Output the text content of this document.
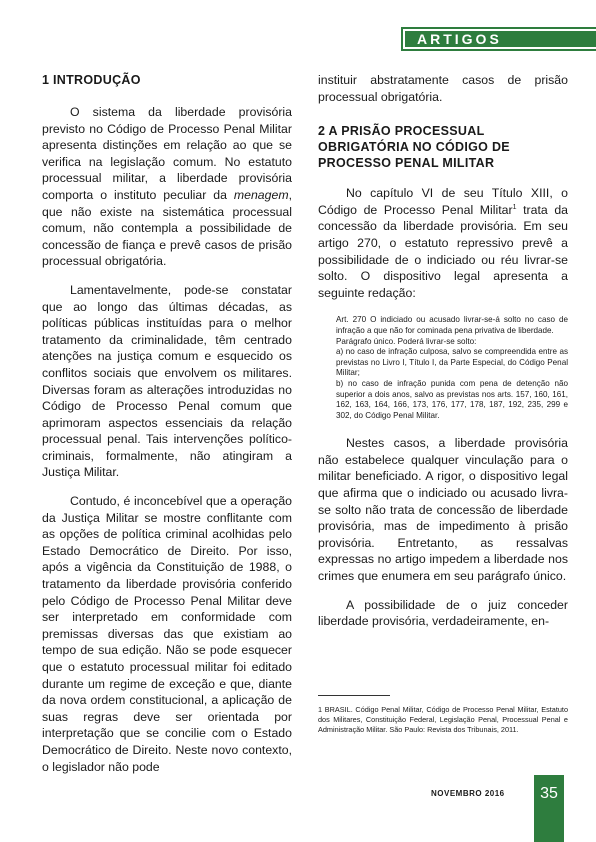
ARTIGOS
1 INTRODUÇÃO

O sistema da liberdade provisória previsto no Código de Processo Penal Militar apresenta distinções em relação ao que se verifica na legislação comum. No estatuto processual militar, a liberdade provisória comporta o instituto peculiar da menagem, que não existe na sistemática processual comum, não contempla a possibilidade de concessão de fiança e prevê casos de prisão processual obrigatória.

Lamentavelmente, pode-se constatar que ao longo das últimas décadas, as políticas públicas instituídas para o melhor tratamento da criminalidade, têm centrado atenções na justiça comum e esquecido os conflitos sociais que envolvem os militares. Diversas foram as alterações introduzidas no Código de Processo Penal comum que aprimoram aspectos essenciais da relação processual penal. Tais intervenções político-criminais, formalmente, não atingiram a Justiça Militar.

Contudo, é inconcebível que a operação da Justiça Militar se mostre conflitante com as opções de política criminal acolhidas pelo Estado Democrático de Direito. Por isso, após a vigência da Constituição de 1988, o tratamento da liberdade provisória conferido pelo Código de Processo Penal Militar deve ser interpretado em conformidade com premissas diversas das que existiam ao tempo de sua edição. Não se pode esquecer que o estatuto processual militar foi editado durante um regime de exceção e que, diante da nova ordem constitucional, a aplicação de suas regras deve ser orientada por interpretação que se concilie com o Estado Democrático de Direito. Neste novo contexto, o legislador não pode

instituir abstratamente casos de prisão processual obrigatória.

2 A PRISÃO PROCESSUAL OBRIGATÓRIA NO CÓDIGO DE PROCESSO PENAL MILITAR

No capítulo VI de seu Título XIII, o Código de Processo Penal Militar$^1$ trata da concessão da liberdade provisória. Em seu artigo 270, o estatuto repressivo prevê a possibilidade de o indiciado ou réu livrar-se solto. O dispositivo legal apresenta a seguinte redação:

Art. 270 O indiciado ou acusado livrar-se-á solto no caso de infração a que não for cominada pena privativa de liberdade.
Parágrafo único. Poderá livrar-se solto:
a) no caso de infração culposa, salvo se compreendida entre as previstas no Livro I, Título I, da Parte Especial, do Código Penal Militar;
b) no caso de infração punida com pena de detenção não superior a dois anos, salvo as previstas nos arts. 157, 160, 161, 162, 163, 164, 166, 173, 176, 177, 178, 187, 192, 235, 299 e 302, do Código Penal Militar.

Nestes casos, a liberdade provisória não estabelece qualquer vinculação para o militar beneficiado. A rigor, o dispositivo legal que afirma que o indiciado ou acusado livra-se solto não trata de concessão de liberdade provisória, mas de impedimento à prisão provisória. Entretanto, as ressalvas expressas no artigo impedem a liberdade nos crimes que enumera em seu parágrafo único.

A possibilidade de o juiz conceder liberdade provisória, verdadeiramente, en-

1 BRASIL. Código Penal Militar, Código de Processo Penal Militar, Estatuto dos Militares, Constituição Federal, Legislação Penal, Processual Penal e Administração Militar. São Paulo: Revista dos Tribunais, 2011.
NOVEMBRO 2016	35
